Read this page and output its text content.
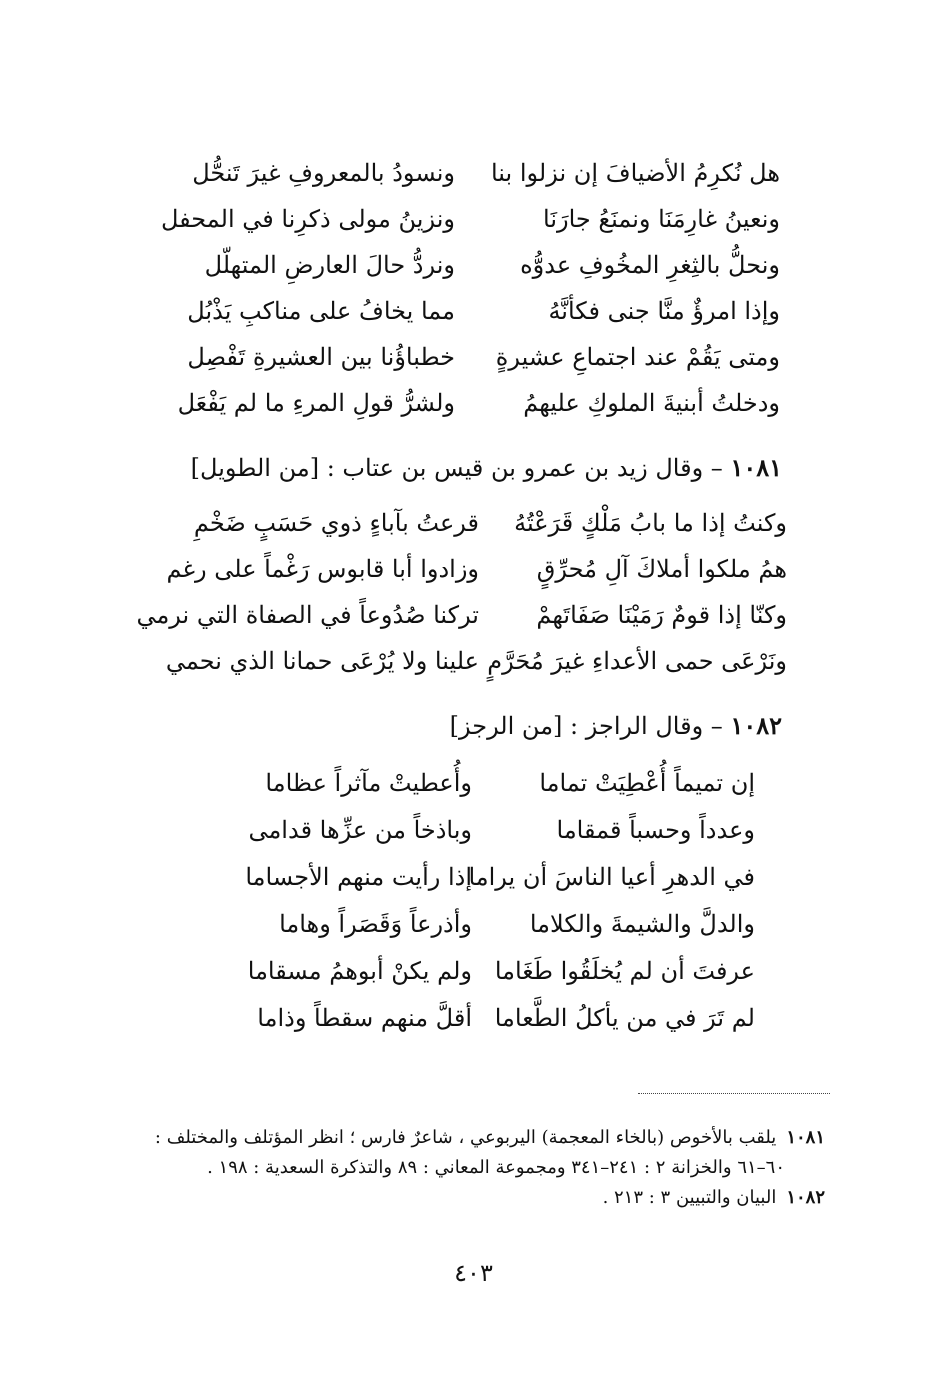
هل نُكرِمُ الأضيافَ إن نزلوا بنا
ونسودُ بالمعروفِ غيرَ تَنحُّل
ونعينُ غارِمَنَا ونمنَعُ جارَنَا
ونزينُ مولى ذكرِنا في المحفل
ونحلُّ بالثِغرِ المخُوفِ عدوُّه
ونردُّ حالَ العارضِ المتهلّل
وإذا امرؤٌ منَّا جنى فكأنَّهُ
مما يخافُ على مناكبِ يَذْبُل
ومتى يَقُمْ عند اجتماعِ عشيرةٍ
خطباؤُنا بين العشيرةِ تَفْصِل
ودخلتُ أبنيةَ الملوكِ عليهمُ
ولشرُّ قولِ المرءِ ما لم يَفْعَل
١٠٨١ – وقال زيد بن عمرو بن قيس بن عتاب : [من الطويل]
وكنتُ إذا ما بابُ مَلْكٍ قَرَعْتُهُ
قرعتُ بآباءٍ ذوي حَسَبٍ ضَخْمِ
همُ ملكوا أملاكَ آلِ مُحرِّقٍ
وزادوا أبا قابوس رَغْماً على رغم
وكنّا إذا قومٌ رَمَيْنَا صَفَاتَهمْ
تركنا صُدُوعاً في الصفاة التي نرمي
ونَرْعَى حمى الأعداءِ غيرَ مُحَرَّمٍ
علينا ولا يُرْعَى حمانا الذي نحمي
١٠٨٢ – وقال الراجز : [من الرجز]
إن تميماً أُعْطِيَتْ تماما
وأُعطيتْ مآثراً عظاما
وعدداً وحسباً قمقاما
وباذخاً من عزِّها قدامى
في الدهرِ أعيا الناسَ أن يراما
إذا رأيت منهم الأجساما
والدلَّ والشيمةَ والكلاما
وأذرعاً وَقَصَراً وهاما
عرفتَ أن لم يُخلَقُوا طَغَاما
ولم يكنْ أبوهمُ مسقاما
لم تَرَ في من يأكلُ الطَّعاما
أقلَّ منهم سقطاً وذاما
١٠٨١يلقب بالأخوص (بالخاء المعجمة) اليربوعي ، شاعرٌ فارس ؛ انظر المؤتلف والمختلف :
٦٠–٦١ والخزانة ٢ : ٢٤١–٣٤١ ومجموعة المعاني : ٨٩ والتذكرة السعدية : ١٩٨ .
١٠٨٢البيان والتبيين ٣ : ٢١٣ .
٤٠٣
